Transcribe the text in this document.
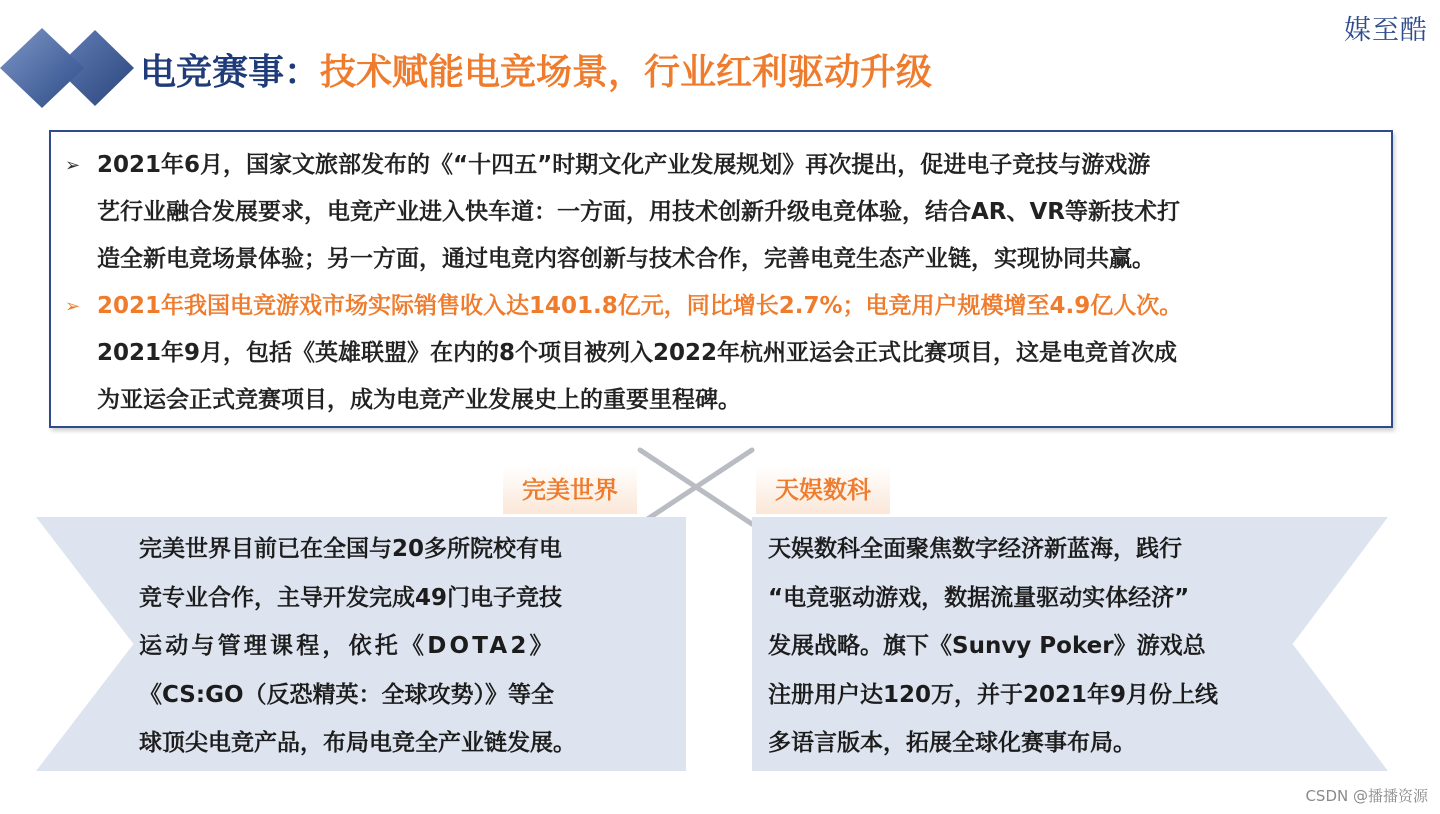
媒至酷
电竞赛事：技术赋能电竞场景，行业红利驱动升级
➢ 2021年6月，国家文旅部发布的《“十四五”时期文化产业发展规划》再次提出，促进电子竞技与游戏游
艺行业融合发展要求，电竞产业进入快车道：一方面，用技术创新升级电竞体验，结合AR、VR等新技术打
造全新电竞场景体验；另一方面，通过电竞内容创新与技术合作，完善电竞生态产业链，实现协同共赢。
➢ 2021年我国电竞游戏市场实际销售收入达1401.8亿元，同比增长2.7%；电竞用户规模增至4.9亿人次。
2021年9月，包括《英雄联盟》在内的8个项目被列入2022年杭州亚运会正式比赛项目，这是电竞首次成
为亚运会正式竞赛项目，成为电竞产业发展史上的重要里程碑。
完美世界	天娱数科
完美世界目前已在全国与20多所院校有电
竞专业合作，主导开发完成49门电子竞技
运动与管理课程，依托《DOTA2》
《CS:GO（反恐精英：全球攻势）》等全
球顶尖电竞产品，布局电竞全产业链发展。
天娱数科全面聚焦数字经济新蓝海，践行
“电竞驱动游戏，数据流量驱动实体经济”
发展战略。旗下《Sunvy Poker》游戏总
注册用户达120万，并于2021年9月份上线
多语言版本，拓展全球化赛事布局。
CSDN @播播资源
